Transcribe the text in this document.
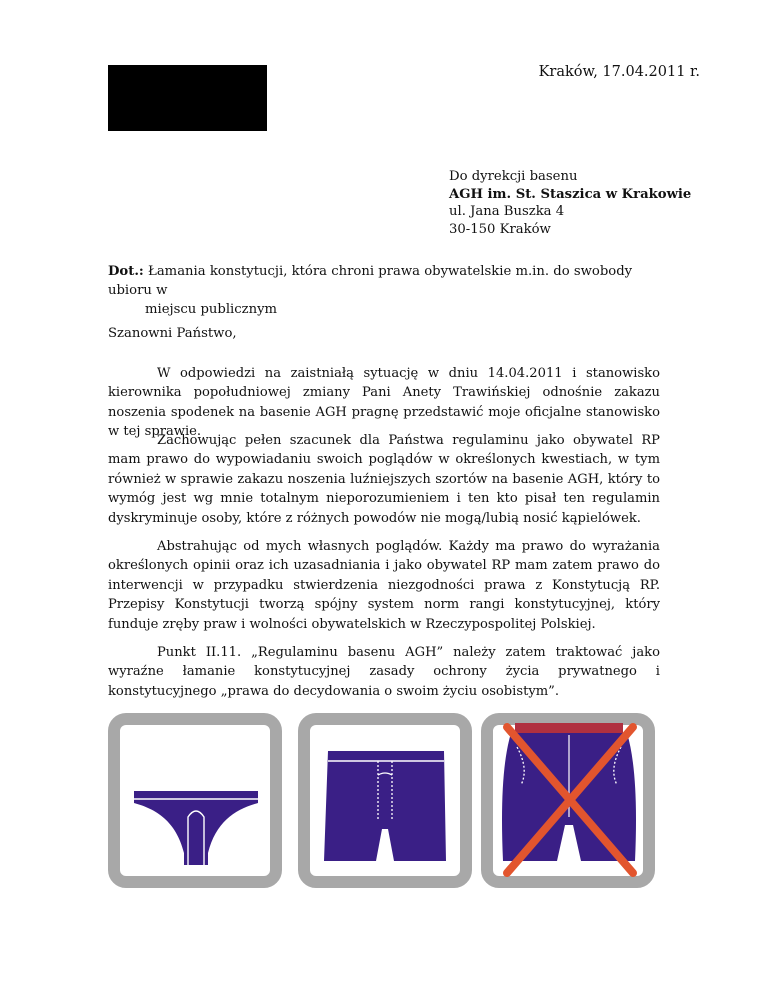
Kraków, 17.04.2011 r.
Do dyrekcji basenu
AGH im. St. Staszica w Krakowie
ul. Jana Buszka 4
30-150 Kraków
Dot.: Łamania konstytucji, która chroni prawa obywatelskie m.in. do swobody ubioru w
miejscu publicznym
Szanowni Państwo,

W odpowiedzi na zaistniałą sytuację w dniu 14.04.2011 i stanowisko kierownika popołudniowej zmiany Pani Anety Trawińskiej odnośnie zakazu noszenia spodenek na basenie AGH pragnę przedstawić moje oficjalne stanowisko w tej sprawie.

Zachowując pełen szacunek dla Państwa regulaminu jako obywatel RP mam prawo do wypowiadaniu swoich poglądów w określonych kwestiach, w tym również w sprawie zakazu noszenia luźniejszych szortów na basenie AGH, który to wymóg jest wg mnie totalnym nieporozumieniem i ten kto pisał ten regulamin dyskryminuje osoby, które z różnych powodów nie mogą/lubią nosić kąpielówek.

Abstrahując od mych własnych poglądów. Każdy ma prawo do wyrażania określonych opinii oraz ich uzasadniania i jako obywatel RP mam zatem prawo do interwencji w przypadku stwierdzenia niezgodności prawa z Konstytucją RP. Przepisy Konstytucji tworzą spójny system norm rangi konstytucyjnej, który funduje zręby praw i wolności obywatelskich w Rzeczypospolitej Polskiej.

Punkt II.11. „Regulaminu basenu AGH” należy zatem traktować jako wyraźne łamanie konstytucyjnej zasady ochrony życia prywatnego i konstytucyjnego „prawa do decydowania o swoim życiu osobistym”.
